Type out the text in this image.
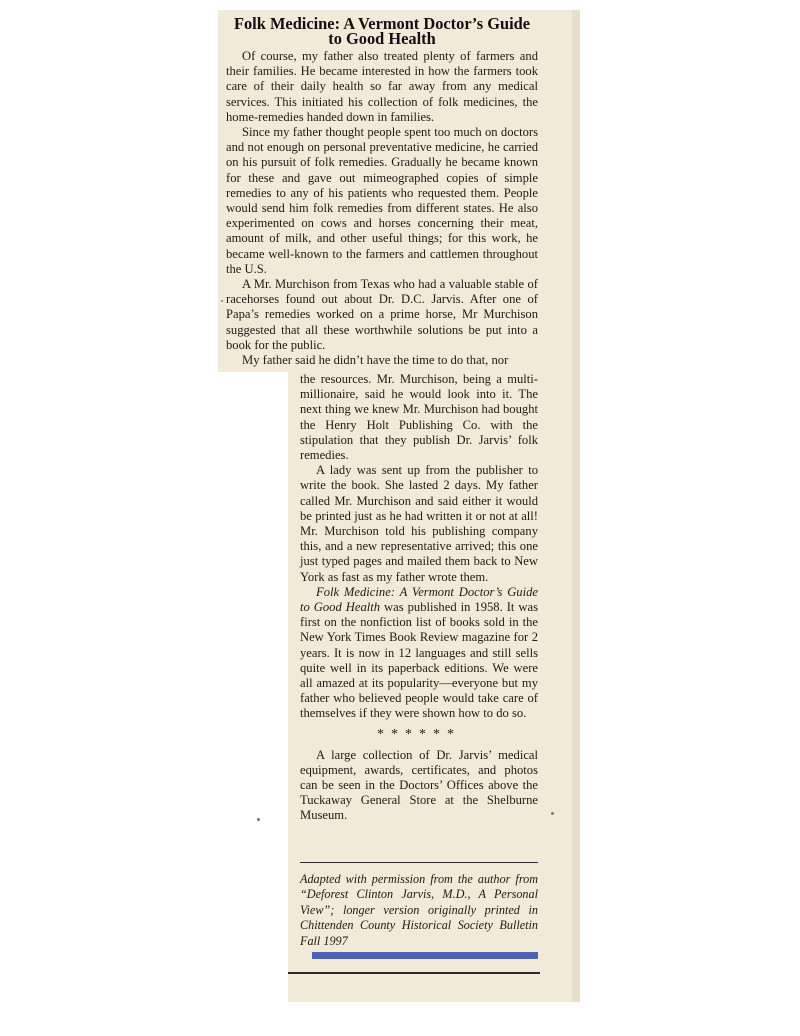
Folk Medicine: A Vermont Doctor’s Guide
to Good Health

Of course, my father also treated plenty of farmers and their families. He became interested in how the farmers took care of their daily health so far away from any medical services. This initiated his collection of folk medicines, the home-remedies handed down in families.

Since my father thought people spent too much on doctors and not enough on personal preventative medicine, he carried on his pursuit of folk remedies. Gradually he became known for these and gave out mimeographed copies of simple remedies to any of his patients who requested them. People would send him folk remedies from different states. He also experimented on cows and horses concerning their meat, amount of milk, and other useful things; for this work, he became well-known to the farmers and cattlemen throughout the U.S.

A Mr. Murchison from Texas who had a valuable stable of racehorses found out about Dr. D.C. Jarvis. After one of Papa’s remedies worked on a prime horse, Mr Murchison suggested that all these worthwhile solutions be put into a book for the public.

My father said he didn’t have the time to do that, nor

the resources. Mr. Murchison, being a multi-millionaire, said he would look into it. The next thing we knew Mr. Murchison had bought the Henry Holt Publishing Co. with the stipulation that they publish Dr. Jarvis’ folk remedies.

A lady was sent up from the publisher to write the book. She lasted 2 days. My father called Mr. Murchison and said either it would be printed just as he had written it or not at all! Mr. Murchison told his publishing company this, and a new representative arrived; this one just typed pages and mailed them back to New York as fast as my father wrote them.

Folk Medicine: A Vermont Doctor’s Guide to Good Health was published in 1958. It was first on the nonfiction list of books sold in the New York Times Book Review magazine for 2 years. It is now in 12 languages and still sells quite well in its paperback editions. We were all amazed at its popularity—everyone but my father who believed people would take care of themselves if they were shown how to do so.

******

A large collection of Dr. Jarvis’ medical equipment, awards, certificates, and photos can be seen in the Doctors’ Offices above the Tuckaway General Store at the Shelburne Museum.

Adapted with permission from the author from “Deforest Clinton Jarvis, M.D., A Personal View”; longer version originally printed in Chittenden County Historical Society Bulletin Fall 1997
